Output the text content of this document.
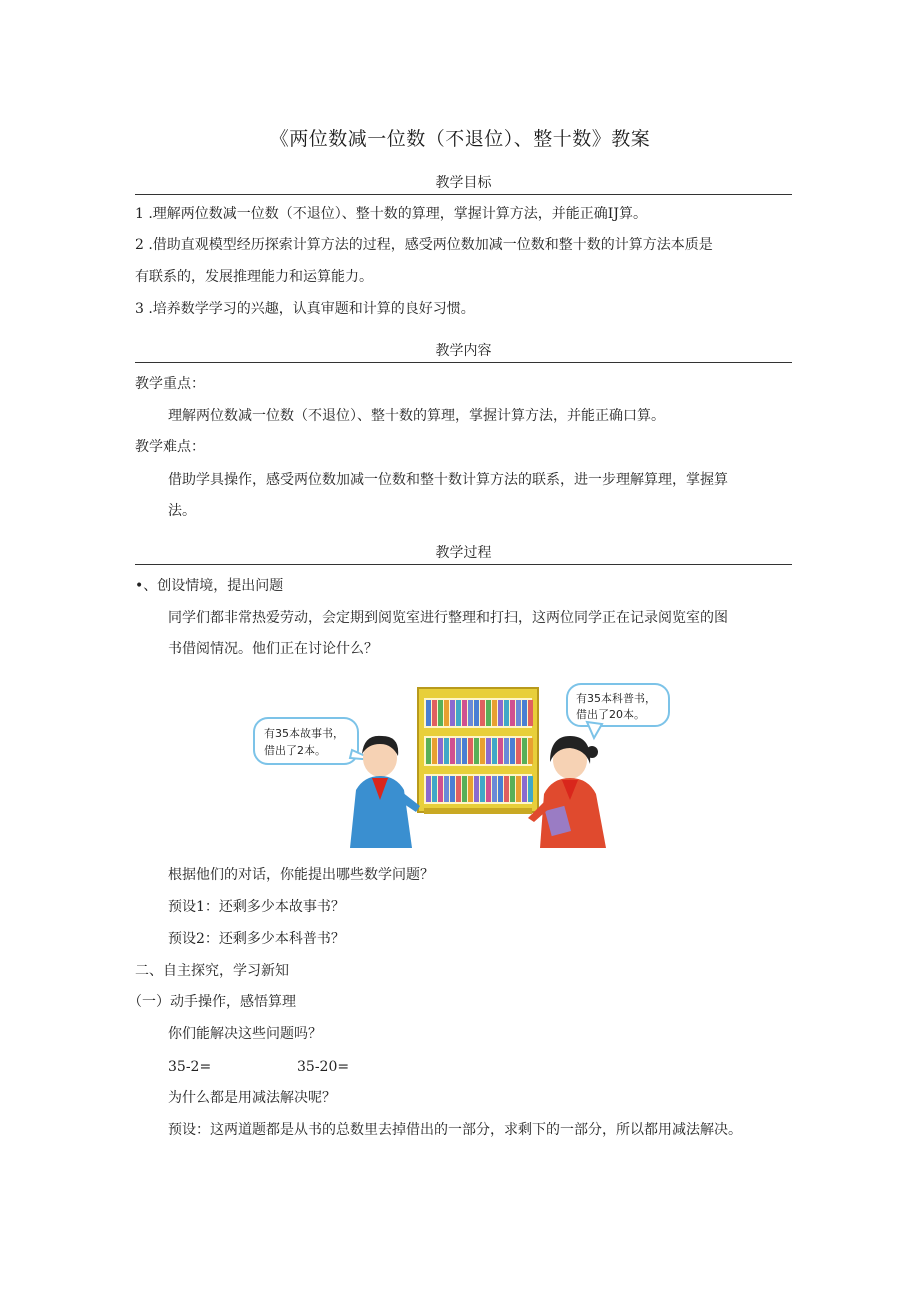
《两位数减一位数（不退位）、整十数》教案
教学目标
1 .理解两位数减一位数（不退位）、整十数的算理，掌握计算方法，并能正确IJ算。
2 .借助直观模型经历探索计算方法的过程，感受两位数加减一位数和整十数的计算方法本质是
有联系的，发展推理能力和运算能力。
3 .培养数学学习的兴趣，认真审题和计算的良好习惯。
教学内容
教学重点：
理解两位数减一位数（不退位）、整十数的算理，掌握计算方法，并能正确口算。
教学难点：
借助学具操作，感受两位数加减一位数和整十数计算方法的联系，进一步理解算理，掌握算
法。
教学过程
•、创设情境，提出问题
同学们都非常热爱劳动，会定期到阅览室进行整理和打扫，这两位同学正在记录阅览室的图
书借阅情况。他们正在讨论什么？
有35本故事书，
借出了2本。
有35本科普书，
借出了20本。
根据他们的对话，你能提出哪些数学问题？
预设1：还剩多少本故事书？
预设2：还剩多少本科普书？
二、自主探究，学习新知
（一）动手操作，感悟算理
你们能解决这些问题吗？
35-2=	35-20=
为什么都是用减法解决呢？
预设：这两道题都是从书的总数里去掉借出的一部分，求剩下的一部分，所以都用减法解决。
